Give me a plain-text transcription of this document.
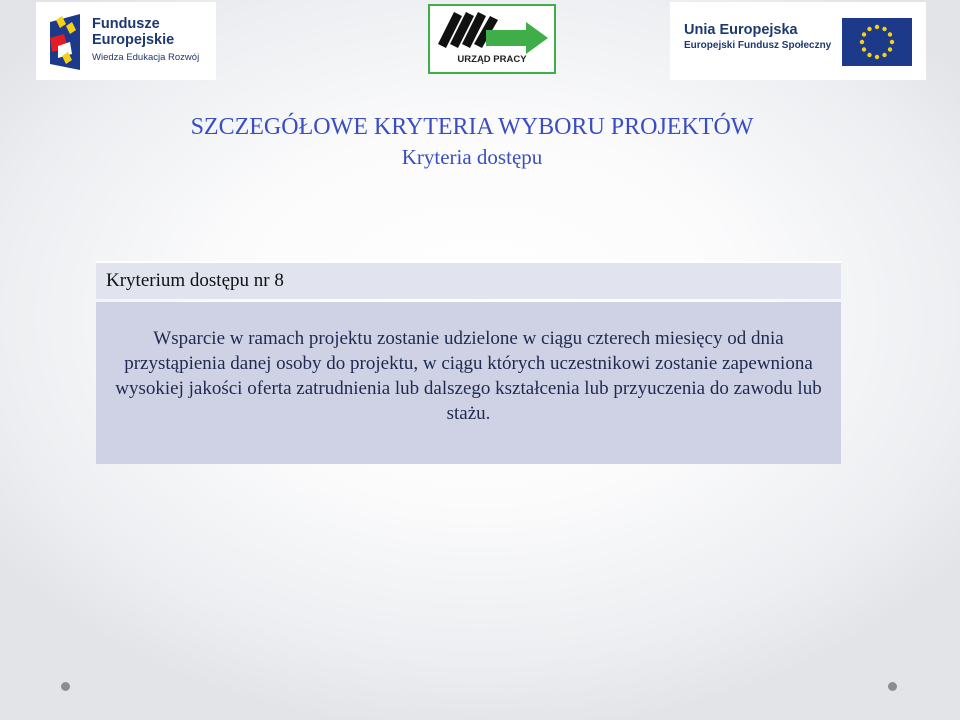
Fundusze
Europejskie
Wiedza Edukacja Rozwój	URZĄD PRACY
Unia Europejska
Europejski Fundusz Społeczny
SZCZEGÓŁOWE KRYTERIA WYBORU PROJEKTÓW
Kryteria dostępu
Kryterium dostępu nr 8
Wsparcie w ramach projektu zostanie udzielone w ciągu czterech miesięcy od dnia przystąpienia danej osoby do projektu, w ciągu których uczestnikowi zostanie zapewniona wysokiej jakości oferta zatrudnienia lub dalszego kształcenia lub przyuczenia do zawodu lub stażu.
